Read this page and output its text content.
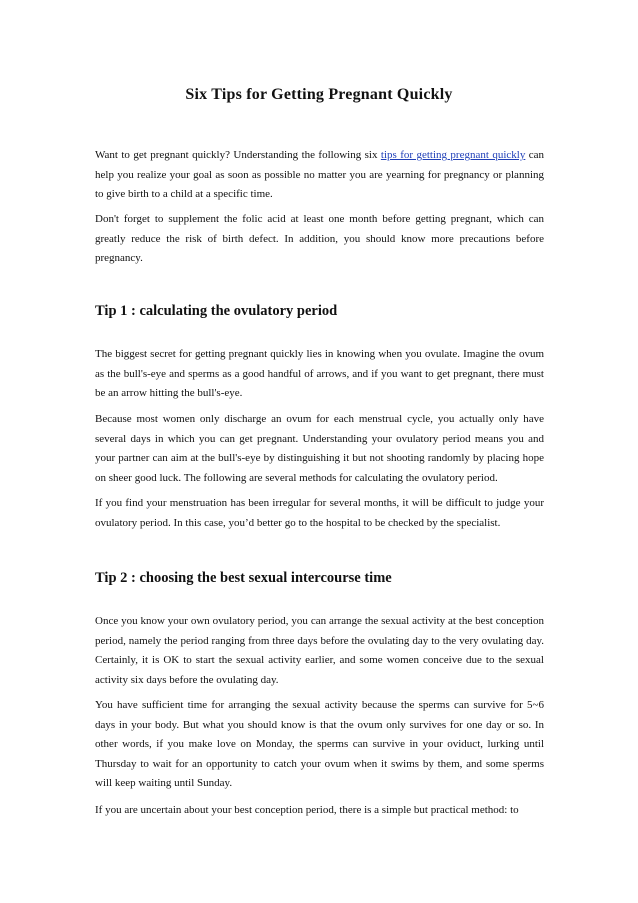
Six Tips for Getting Pregnant Quickly

Want to get pregnant quickly? Understanding the following six tips for getting pregnant quickly can help you realize your goal as soon as possible no matter you are yearning for pregnancy or planning to give birth to a child at a specific time.

Don't forget to supplement the folic acid at least one month before getting pregnant, which can greatly reduce the risk of birth defect. In addition, you should know more precautions before pregnancy.

Tip 1 : calculating the ovulatory period

The biggest secret for getting pregnant quickly lies in knowing when you ovulate. Imagine the ovum as the bull's-eye and sperms as a good handful of arrows, and if you want to get pregnant, there must be an arrow hitting the bull's-eye.

Because most women only discharge an ovum for each menstrual cycle, you actually only have several days in which you can get pregnant. Understanding your ovulatory period means you and your partner can aim at the bull's-eye by distinguishing it but not shooting randomly by placing hope on sheer good luck. The following are several methods for calculating the ovulatory period.

If you find your menstruation has been irregular for several months, it will be difficult to judge your ovulatory period. In this case, you’d better go to the hospital to be checked by the specialist.

Tip 2 : choosing the best sexual intercourse time

Once you know your own ovulatory period, you can arrange the sexual activity at the best conception period, namely the period ranging from three days before the ovulating day to the very ovulating day. Certainly, it is OK to start the sexual activity earlier, and some women conceive due to the sexual activity six days before the ovulating day.

You have sufficient time for arranging the sexual activity because the sperms can survive for 5~6 days in your body. But what you should know is that the ovum only survives for one day or so. In other words, if you make love on Monday, the sperms can survive in your oviduct, lurking until Thursday to wait for an opportunity to catch your ovum when it swims by them, and some sperms will keep waiting until Sunday.

If you are uncertain about your best conception period, there is a simple but practical method: to
